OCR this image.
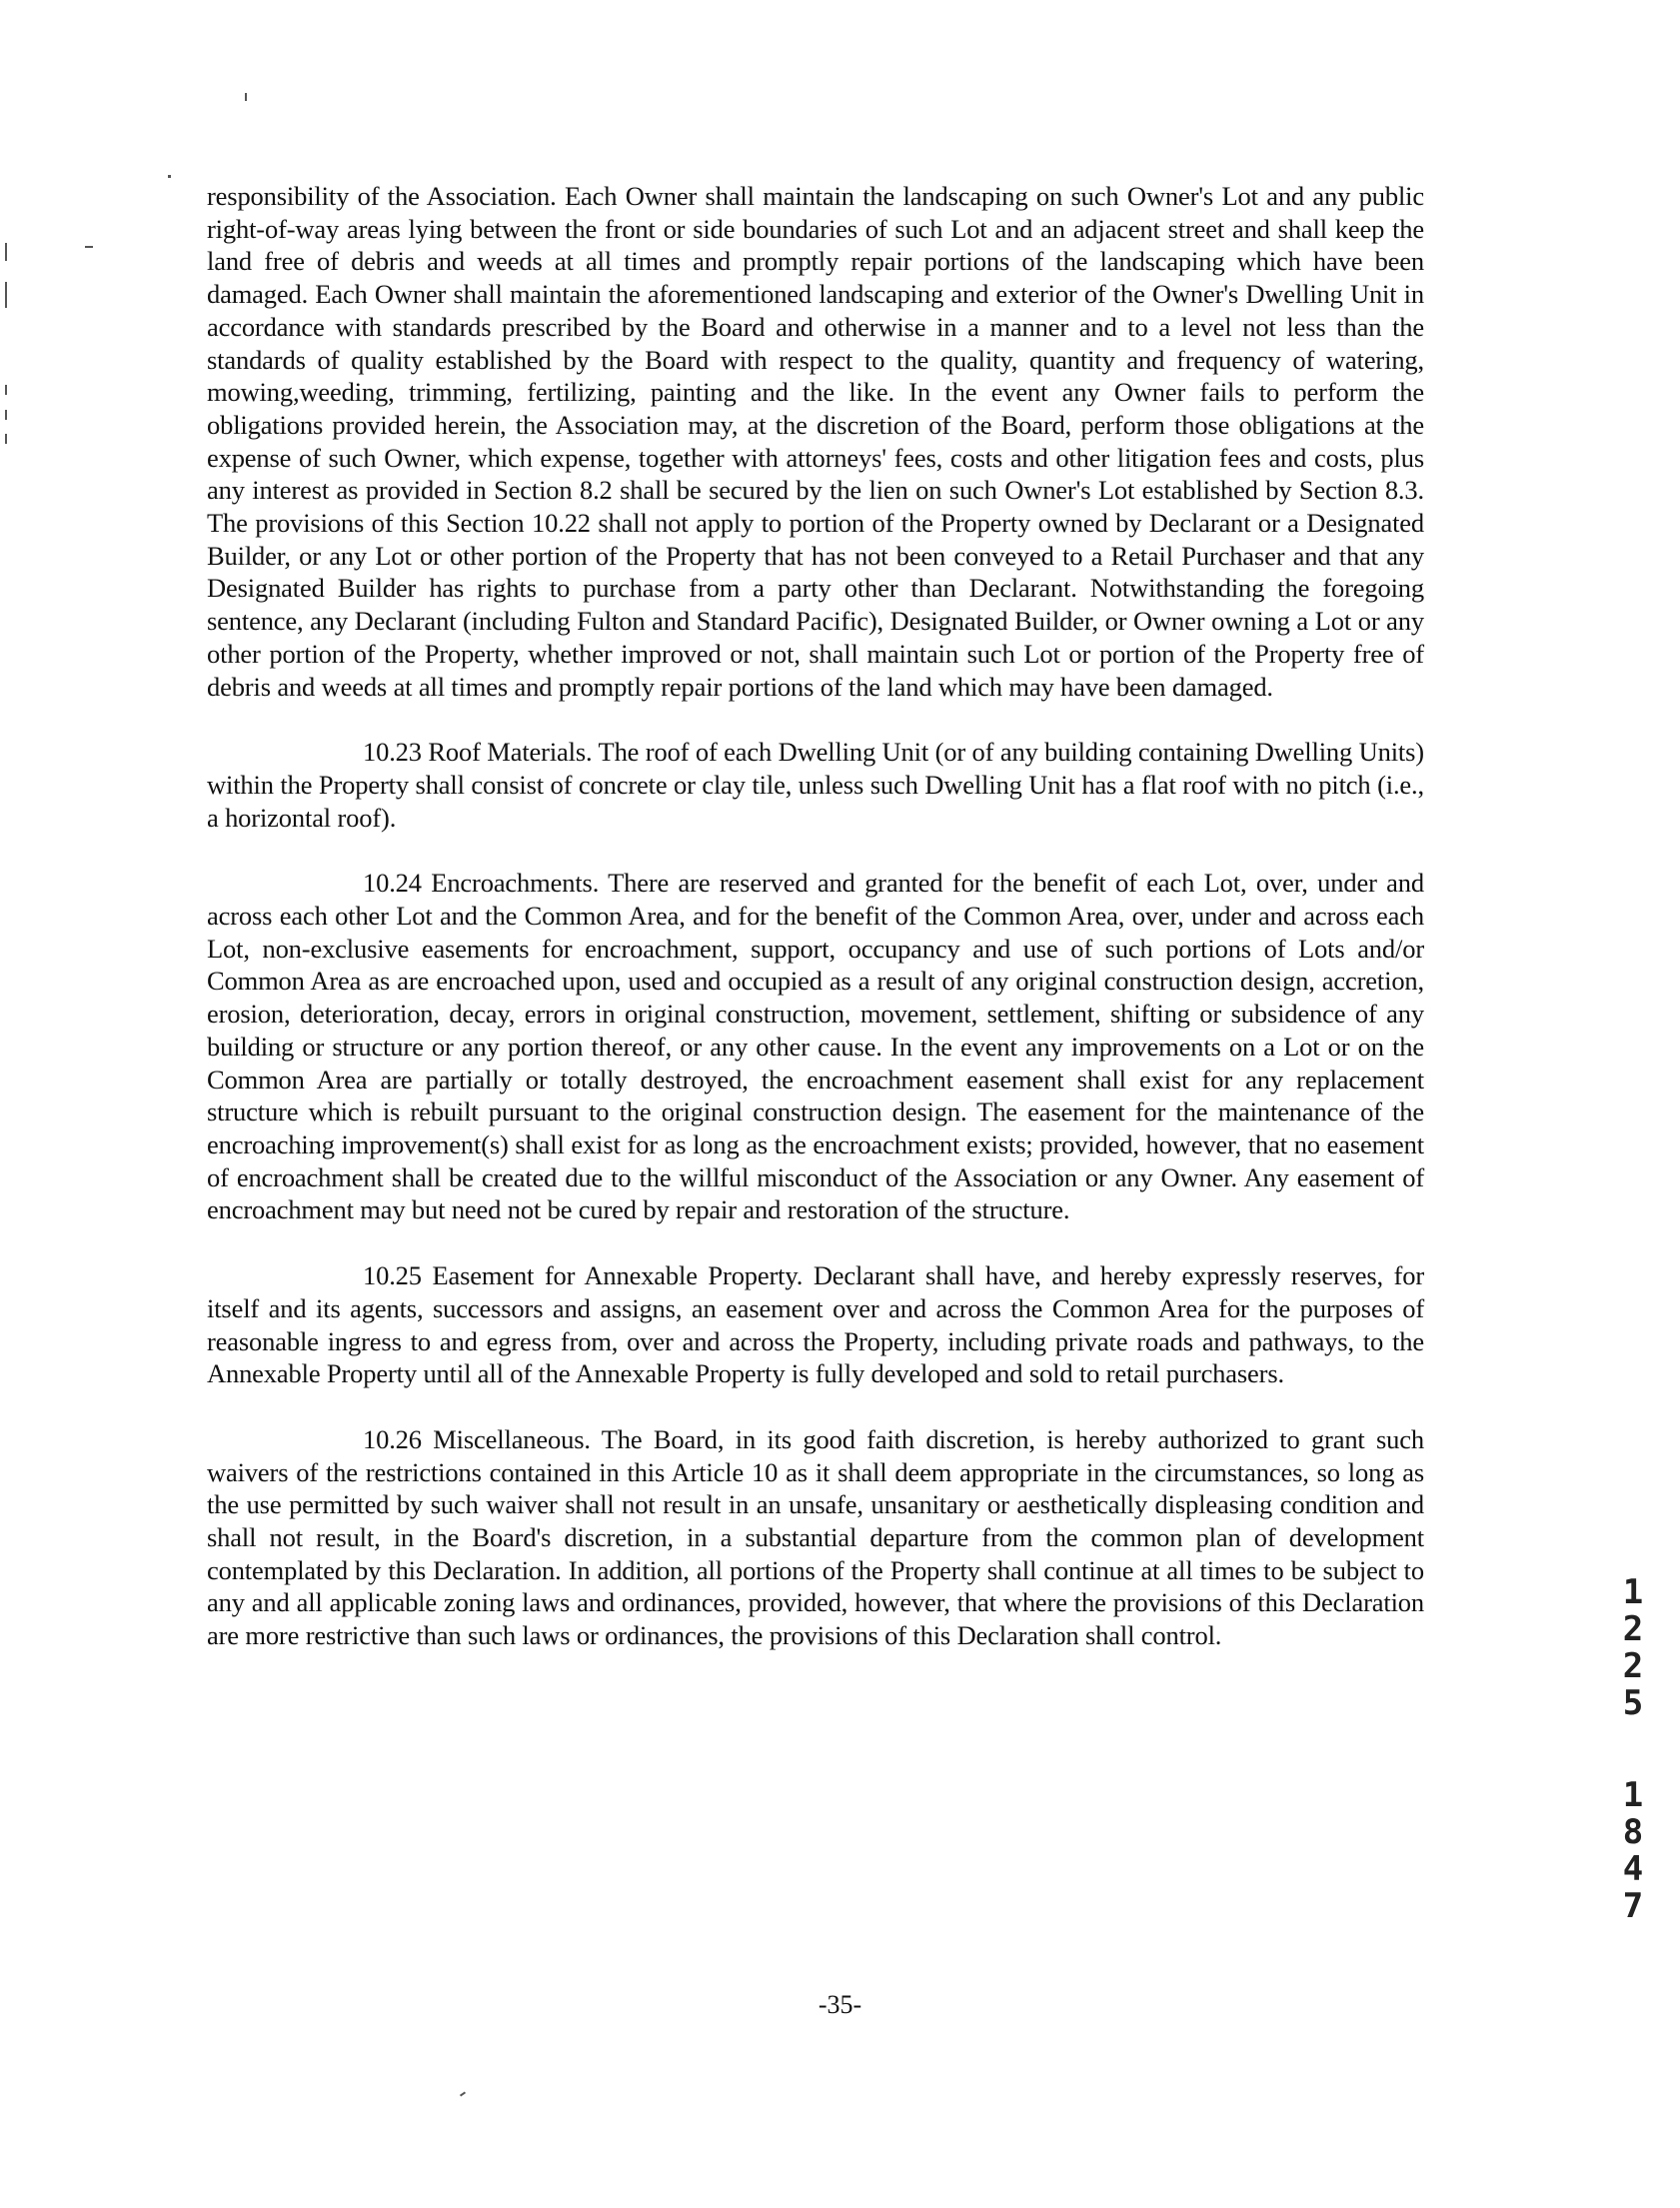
responsibility of the Association. Each Owner shall maintain the landscaping on such Owner's Lot and any public right-of-way areas lying between the front or side boundaries of such Lot and an adjacent street and shall keep the land free of debris and weeds at all times and promptly repair portions of the landscaping which have been damaged. Each Owner shall maintain the aforementioned landscaping and exterior of the Owner's Dwelling Unit in accordance with standards prescribed by the Board and otherwise in a manner and to a level not less than the standards of quality established by the Board with respect to the quality, quantity and frequency of watering, mowing,weeding, trimming, fertilizing, painting and the like. In the event any Owner fails to perform the obligations provided herein, the Association may, at the discretion of the Board, perform those obligations at the expense of such Owner, which expense, together with attorneys' fees, costs and other litigation fees and costs, plus any interest as provided in Section 8.2 shall be secured by the lien on such Owner's Lot established by Section 8.3. The provisions of this Section 10.22 shall not apply to portion of the Property owned by Declarant or a Designated Builder, or any Lot or other portion of the Property that has not been conveyed to a Retail Purchaser and that any Designated Builder has rights to purchase from a party other than Declarant. Notwithstanding the foregoing sentence, any Declarant (including Fulton and Standard Pacific), Designated Builder, or Owner owning a Lot or any other portion of the Property, whether improved or not, shall maintain such Lot or portion of the Property free of debris and weeds at all times and promptly repair portions of the land which may have been damaged.

10.23 Roof Materials. The roof of each Dwelling Unit (or of any building containing Dwelling Units) within the Property shall consist of concrete or clay tile, unless such Dwelling Unit has a flat roof with no pitch (i.e., a horizontal roof).

10.24 Encroachments. There are reserved and granted for the benefit of each Lot, over, under and across each other Lot and the Common Area, and for the benefit of the Common Area, over, under and across each Lot, non-exclusive easements for encroachment, support, occupancy and use of such portions of Lots and/or Common Area as are encroached upon, used and occupied as a result of any original construction design, accretion, erosion, deterioration, decay, errors in original construction, movement, settlement, shifting or subsidence of any building or structure or any portion thereof, or any other cause. In the event any improvements on a Lot or on the Common Area are partially or totally destroyed, the encroachment easement shall exist for any replacement structure which is rebuilt pursuant to the original construction design. The easement for the maintenance of the encroaching improvement(s) shall exist for as long as the encroachment exists; provided, however, that no easement of encroachment shall be created due to the willful misconduct of the Association or any Owner. Any easement of encroachment may but need not be cured by repair and restoration of the structure.

10.25 Easement for Annexable Property. Declarant shall have, and hereby expressly reserves, for itself and its agents, successors and assigns, an easement over and across the Common Area for the purposes of reasonable ingress to and egress from, over and across the Property, including private roads and pathways, to the Annexable Property until all of the Annexable Property is fully developed and sold to retail purchasers.

10.26 Miscellaneous. The Board, in its good faith discretion, is hereby authorized to grant such waivers of the restrictions contained in this Article 10 as it shall deem appropriate in the circumstances, so long as the use permitted by such waiver shall not result in an unsafe, unsanitary or aesthetically displeasing condition and shall not result, in the Board's discretion, in a substantial departure from the common plan of development contemplated by this Declaration. In addition, all portions of the Property shall continue at all times to be subject to any and all applicable zoning laws and ordinances, provided, however, that where the provisions of this Declaration are more restrictive than such laws or ordinances, the provisions of this Declaration shall control.

-35-
1225
1847
